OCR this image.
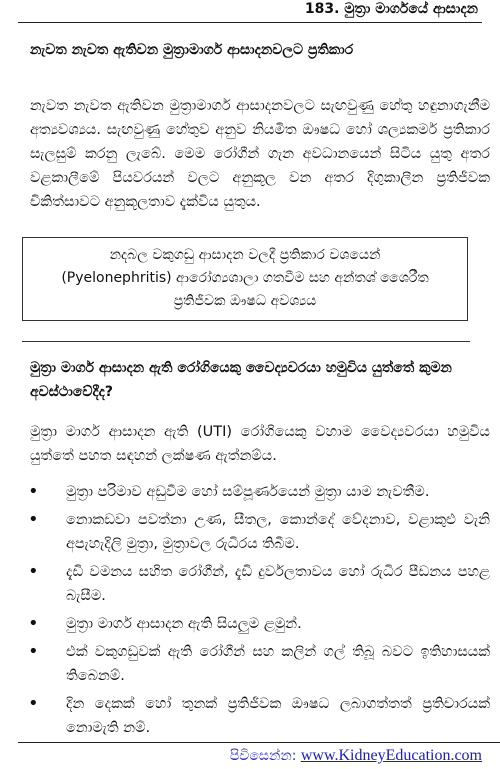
183. මුත්‍රා මාර්ගයේ ආසාදන
නැවත නැවත ඇතිවන මුත්‍රාමාර්ග ආසාදනවලට ප්‍රතිකාර
නැවත නැවත ඇතිවන මුත්‍රාමාර්ග ආසාදනවලට සැඟවුණු හේතු හඳුනාගැනීම අත්‍යවශ්‍යය. සැඟවුණු හේතුව අනුව නියමිත ඖෂධ හෝ ශල්‍යකර්ම ප්‍රතිකාර සැලසුම් කරනු ලැබේ. මෙම රෝගීන් ගැන අවධානයෙන් සිටිය යුතු අතර වළකාලීමේ පියවරයන් වලට අනුකූල වන අතර දිගුකාලීන ප්‍රතිජීවක චිකිත්සාවට අනුකූලතාව දැක්විය යුතුය.
නදබල වකුගඩු ආසාදන වලදී ප්‍රතිකාර වශයෙන් (Pyelonephritis) ආරෝග්‍යශාලා ගතවීම සහ අන්තශ් ශෛරීත ප්‍රතිජීවක ඖෂධ අවශ්‍යය
මුත්‍රා මාර්ග ආසාදන ඇති රෝගියෙකු වෛද්‍යවරයා හමුවිය යුත්තේ කුමන අවස්ථාවේදීද?
මුත්‍රා මාර්ග ආසාදන ඇති (UTI) රෝගියෙකු වහාම වෛද්‍යවරයා හමුවිය යුත්තේ පහත සඳහන් ලක්ෂණ ඇත්නම්ය.
• මුත්‍රා පරිමාව අඩුවීම හෝ සම්පූර්ණයෙන් මුත්‍රා යාම නැවතීම.
• නොකඩවා පවත්නා උණ, සීතල, කොන්දේ වේදනාව, වළාකුළු වැනි අපැහැදිලි මුත්‍රා, මුත්‍රාවල රුධිරය තිබීම.
• දැඩි වමනය සහිත රෝගීන්, දැඩි දුර්වලතාවය හෝ රුධිර පීඩනය පහළ බැසීම.
• මුත්‍රා මාර්ග ආසාදන ඇති සියලුම ළමුන්.
• එක් වකුගඩුවක් ඇති රෝගීන් සහ කලින් ගල් තිබූ බවට ඉතිහාසයක් තිබෙනම්.
• දින දෙකක් හෝ තුනක් ප්‍රතිජීවක ඖෂධ ලබාගත්තත් ප්‍රතිචාරයක් නොමැති නම්.
පිවිසෙන්න: www.KidneyEducation.com
